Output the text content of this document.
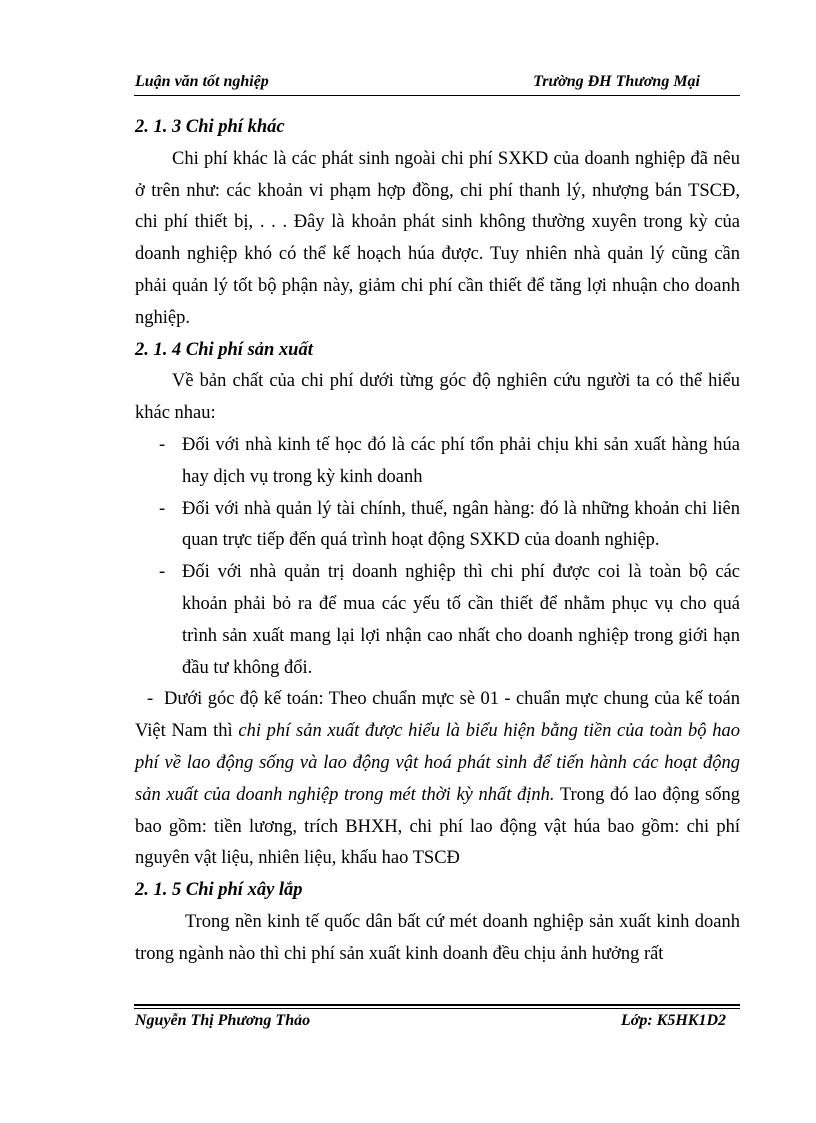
Luận văn tốt nghiệp	Trường ĐH Thương Mại

2. 1. 3 Chi phí khác

Chi phí khác là các phát sinh ngoài chi phí SXKD của doanh nghiệp đã nêu ở trên như: các khoản vi phạm hợp đồng, chi phí thanh lý, nhượng bán TSCĐ, chi phí thiết bị, . . . Đây là khoản phát sinh không thường xuyên trong kỳ của doanh nghiệp khó có thể kế hoạch húa được. Tuy nhiên nhà quản lý cũng cần phải quản lý tốt bộ phận này, giảm chi phí cần thiết để tăng lợi nhuận cho doanh nghiệp.

2. 1. 4 Chi phí sản xuất

Về bản chất của chi phí dưới từng góc độ nghiên cứu người ta có thể hiểu khác nhau:

- Đối với nhà kinh tế học đó là các phí tổn phải chịu khi sản xuất hàng húa hay dịch vụ trong kỳ kinh doanh

- Đối với nhà quản lý tài chính, thuế, ngân hàng: đó là những khoản chi liên quan trực tiếp đến quá trình hoạt động SXKD của doanh nghiệp.

- Đối với nhà quản trị doanh nghiệp thì chi phí được coi là toàn bộ các khoản phải bỏ ra để mua các yếu tố cần thiết để nhằm phục vụ cho quá trình sản xuất mang lại lợi nhận cao nhất cho doanh nghiệp trong giới hạn đầu tư không đổi.

- Dưới góc độ kế toán: Theo chuẩn mực sè 01 - chuẩn mực chung của kế toán Việt Nam thì chi phí sản xuất được hiểu là biểu hiện bằng tiền của toàn bộ hao phí về lao động sống và lao động vật hoá phát sinh để tiến hành các hoạt động sản xuất của doanh nghiệp trong mét thời kỳ nhất định. Trong đó lao động sống bao gồm: tiền lương, trích BHXH, chi phí lao động vật húa bao gồm: chi phí nguyên vật liệu, nhiên liệu, khấu hao TSCĐ

2. 1. 5 Chi phí xây lắp

Trong nền kinh tế quốc dân bất cứ mét doanh nghiệp sản xuất kinh doanh trong ngành nào thì chi phí sản xuất kinh doanh đều chịu ảnh hưởng rất

Nguyễn Thị Phương Thảo	Lớp: K5HK1D2
